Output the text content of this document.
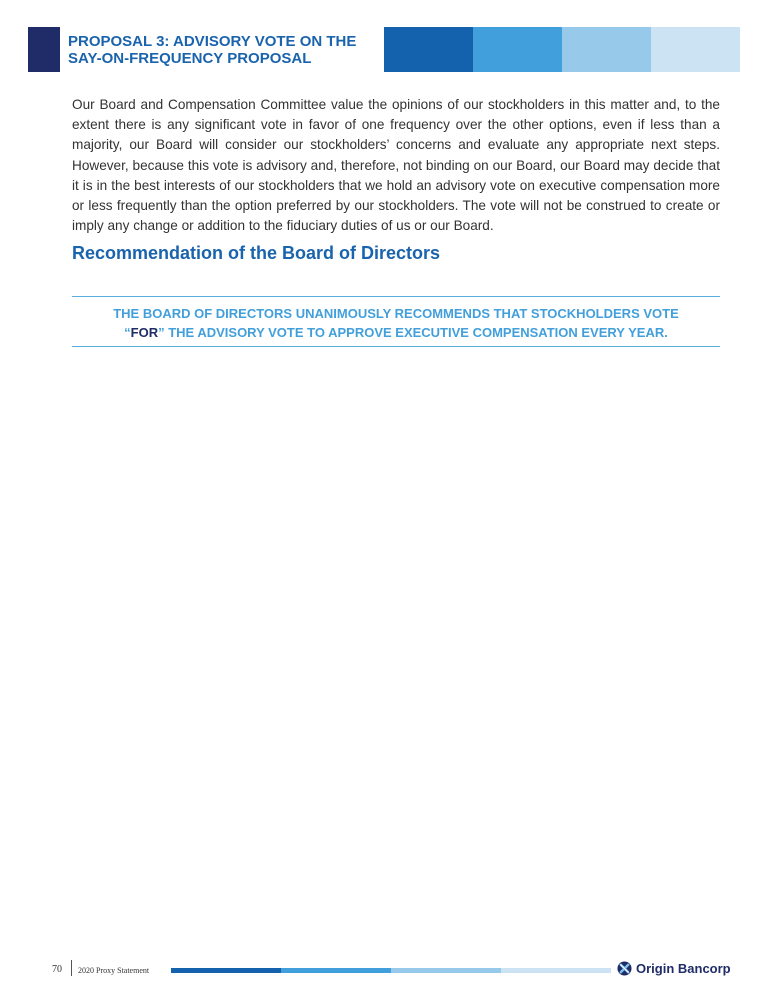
PROPOSAL 3: ADVISORY VOTE ON THE
SAY-ON-FREQUENCY PROPOSAL

Our Board and Compensation Committee value the opinions of our stockholders in this matter and, to the extent there is any significant vote in favor of one frequency over the other options, even if less than a majority, our Board will consider our stockholders’ concerns and evaluate any appropriate next steps. However, because this vote is advisory and, therefore, not binding on our Board, our Board may decide that it is in the best interests of our stockholders that we hold an advisory vote on executive compensation more or less frequently than the option preferred by our stockholders. The vote will not be construed to create or imply any change or addition to the fiduciary duties of us or our Board.

Recommendation of the Board of Directors

THE BOARD OF DIRECTORS UNANIMOUSLY RECOMMENDS THAT STOCKHOLDERS VOTE
“FOR” THE ADVISORY VOTE TO APPROVE EXECUTIVE COMPENSATION EVERY YEAR.

70 2020 Proxy Statement	Origin Bancorp
